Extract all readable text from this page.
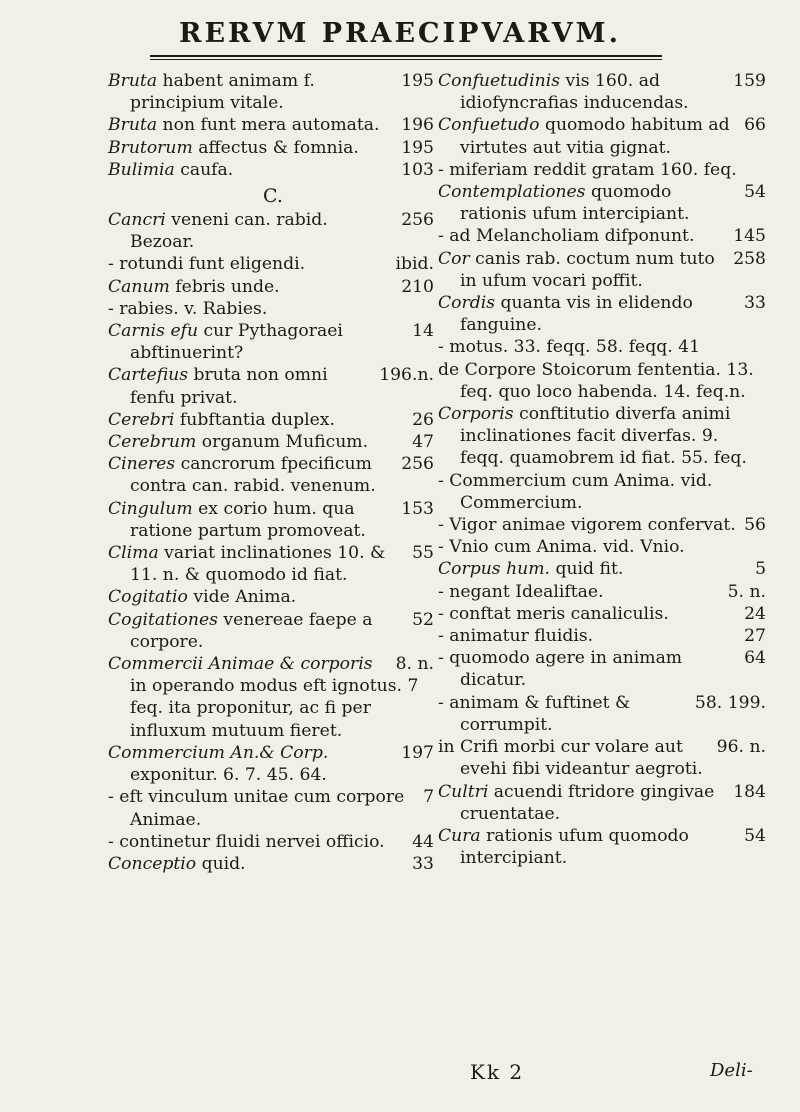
RERVM PRAECIPVARVM.
195
Bruta habent animam f. principium vitale.
196
Bruta non funt mera automata.
195
Brutorum affectus & fomnia.
103
Bulimia caufa.
C.
256
Cancri veneni can. rabid. Bezoar.
ibid.
- rotundi funt eligendi.
210
Canum febris unde.
- rabies. v. Rabies.
14
Carnis efu cur Pythagoraei abftinuerint?
196.n.
Cartefius bruta non omni fenfu privat.
26
Cerebri fubftantia duplex.
47
Cerebrum organum Muficum.
256
Cineres cancrorum fpecificum contra can. rabid. venenum.
153
Cingulum ex corio hum. qua ratione partum promoveat.
55
Clima variat inclinationes 10. & 11. n. & quomodo id fiat.
Cogitatio vide Anima.
52
Cogitationes venereae faepe a corpore.
8. n.
Commercii Animae & corporis in operando modus eft ignotus. 7 feq. ita proponitur, ac fi per influxum mutuum fieret.
197
Commercium An.& Corp. exponitur. 6. 7. 45. 64.
7
- eft vinculum unitae cum corpore Animae.
44
- continetur fluidi nervei officio.
33
Conceptio quid.
159
Confuetudinis vis 160. ad idiofyncrafias inducendas.
66
Confuetudo quomodo habitum ad virtutes aut vitia gignat.
- miferiam reddit gratam 160. feq.
54
Contemplationes quomodo rationis ufum intercipiant.
145
- ad Melancholiam difponunt.
258
Cor canis rab. coctum num tuto in ufum vocari poffit.
33
Cordis quanta vis in elidendo fanguine.
- motus. 33. feqq. 58. feqq. 41
de Corpore Stoicorum fententia. 13. feq. quo loco habenda. 14. feq.n.
Corporis conftitutio diverfa animi inclinationes facit diverfas. 9. feqq. quamobrem id fiat. 55. feq.
- Commercium cum Anima. vid. Commercium.
56
- Vigor animae vigorem confervat.
- Vnio cum Anima. vid. Vnio.
5
Corpus hum. quid fit.
5. n.
- negant Idealiftae.
24
- conftat meris canaliculis.
27
- animatur fluidis.
64
- quomodo agere in animam dicatur.
58. 199.
- animam & fuftinet & corrumpit.
96. n.
in Crifi morbi cur volare aut evehi fibi videantur aegroti.
184
Cultri acuendi ftridore gingivae cruentatae.
54
Cura rationis ufum quomodo intercipiant.
Kk 2	Deli-
